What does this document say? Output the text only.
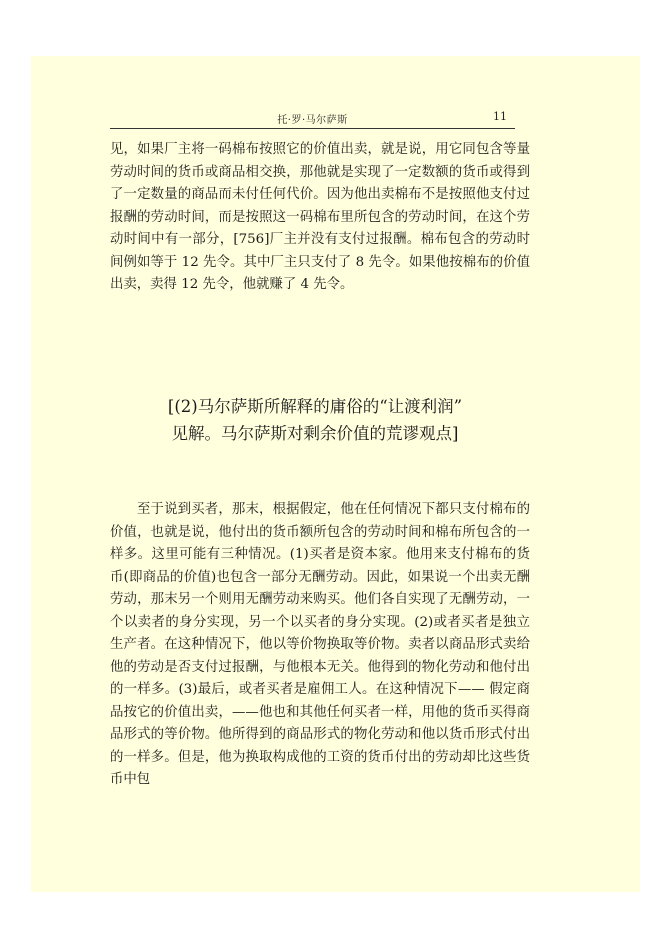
托·罗·马尔萨斯	11

见，如果厂主将一码棉布按照它的价值出卖，就是说，用它同包含等量劳动时间的货币或商品相交换，那他就是实现了一定数额的货币或得到了一定数量的商品而未付任何代价。因为他出卖棉布不是按照他支付过报酬的劳动时间，而是按照这一码棉布里所包含的劳动时间，在这个劳动时间中有一部分，[756]厂主并没有支付过报酬。棉布包含的劳动时间例如等于 12 先令。其中厂主只支付了 8 先令。如果他按棉布的价值出卖，卖得 12 先令，他就赚了 4 先令。

[(2)马尔萨斯所解释的庸俗的“让渡利润”
见解。马尔萨斯对剩余价值的荒谬观点]

至于说到买者，那末，根据假定，他在任何情况下都只支付棉布的价值，也就是说，他付出的货币额所包含的劳动时间和棉布所包含的一样多。这里可能有三种情况。(1)买者是资本家。他用来支付棉布的货币(即商品的价值)也包含一部分无酬劳动。因此，如果说一个出卖无酬劳动，那末另一个则用无酬劳动来购买。他们各自实现了无酬劳动，一个以卖者的身分实现，另一个以买者的身分实现。(2)或者买者是独立生产者。在这种情况下，他以等价物换取等价物。卖者以商品形式卖给他的劳动是否支付过报酬，与他根本无关。他得到的物化劳动和他付出的一样多。(3)最后，或者买者是雇佣工人。在这种情况下—— 假定商品按它的价值出卖，——他也和其他任何买者一样，用他的货币买得商品形式的等价物。他所得到的商品形式的物化劳动和他以货币形式付出的一样多。但是，他为换取构成他的工资的货币付出的劳动却比这些货币中包
